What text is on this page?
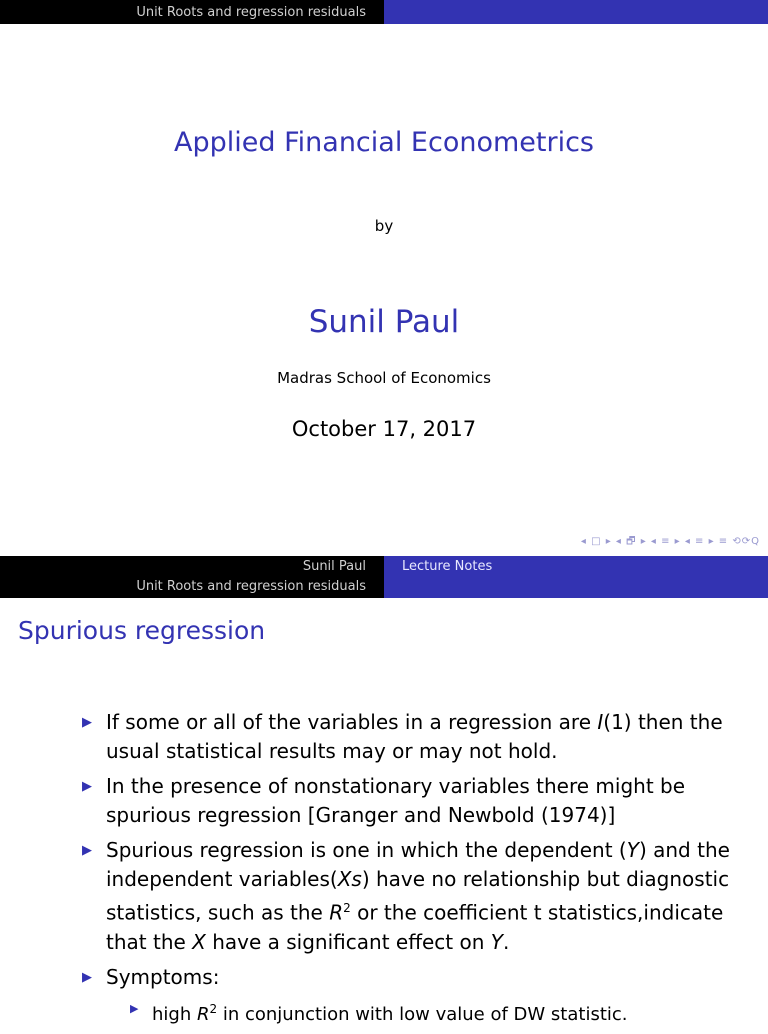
Unit Roots and regression residuals
Applied Financial Econometrics
by
Sunil Paul
Madras School of Economics
October 17, 2017
◂ □ ▸ ◂ 🗗 ▸ ◂ ≡ ▸ ◂ ≡ ▸ ≡ ⟲⟳Q
Sunil Paul
Unit Roots and regression residuals
Lecture Notes
Spurious regression
▶ If some or all of the variables in a regression are I(1) then the usual statistical results may or may not hold.
▶ In the presence of nonstationary variables there might be spurious regression [Granger and Newbold (1974)]
▶ Spurious regression is one in which the dependent (Y) and the independent variables(Xs) have no relationship but diagnostic statistics, such as the $R^2$ or the coefficient t statistics,indicate that the X have a significant effect on Y.
▶ Symptoms:
▶ high $R^2$ in conjunction with low value of DW statistic.
